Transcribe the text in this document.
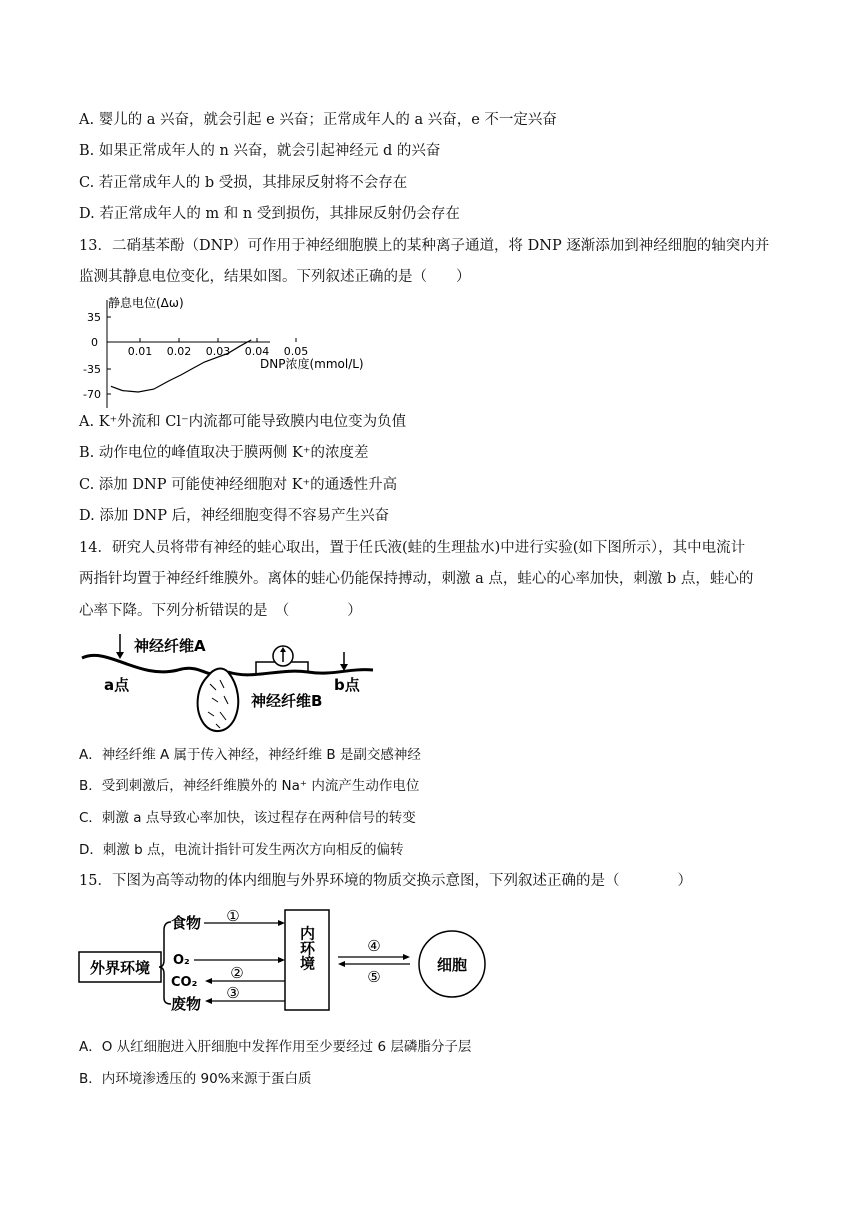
A. 婴儿的 a 兴奋，就会引起 e 兴奋；正常成年人的 a 兴奋，e 不一定兴奋
B. 如果正常成年人的 n 兴奋，就会引起神经元 d 的兴奋
C. 若正常成年人的 b 受损，其排尿反射将不会存在
D. 若正常成年人的 m 和 n 受到损伤，其排尿反射仍会存在
13．二硝基苯酚（DNP）可作用于神经细胞膜上的某种离子通道，将 DNP 逐渐添加到神经细胞的轴突内并
监测其静息电位变化，结果如图。下列叙述正确的是（　　）
静息电位(Δω)
35
0
-35
-70
0.01 0.02 0.03 0.04 0.05
DNP浓度(mmol/L)
A. K⁺外流和 Cl⁻内流都可能导致膜内电位变为负值
B. 动作电位的峰值取决于膜两侧 K⁺的浓度差
C. 添加 DNP 可能使神经细胞对 K⁺的通透性升高
D. 添加 DNP 后，神经细胞变得不容易产生兴奋
14．研究人员将带有神经的蛙心取出，置于任氏液(蛙的生理盐水)中进行实验(如下图所示），其中电流计
两指针均置于神经纤维膜外。离体的蛙心仍能保持搏动，刺激 a 点，蛙心的心率加快，刺激 b 点，蛙心的
心率下降。下列分析错误的是　（　　　　）
神经纤维A
神经纤维B
a点	b点
A．神经纤维 A 属于传入神经，神经纤维 B 是副交感神经
B．受到刺激后，神经纤维膜外的 Na⁺ 内流产生动作电位
C．刺激 a 点导致心率加快，该过程存在两种信号的转变
D．刺激 b 点，电流计指针可发生两次方向相反的偏转
15．下图为高等动物的体内细胞与外界环境的物质交换示意图，下列叙述正确的是（　　　　）
外界环境
食物
O₂
CO₂
废物
内环境
①
②
③
④
⑤
细胞
A．O 从红细胞进入肝细胞中发挥作用至少要经过 6 层磷脂分子层
B．内环境渗透压的 90%来源于蛋白质
